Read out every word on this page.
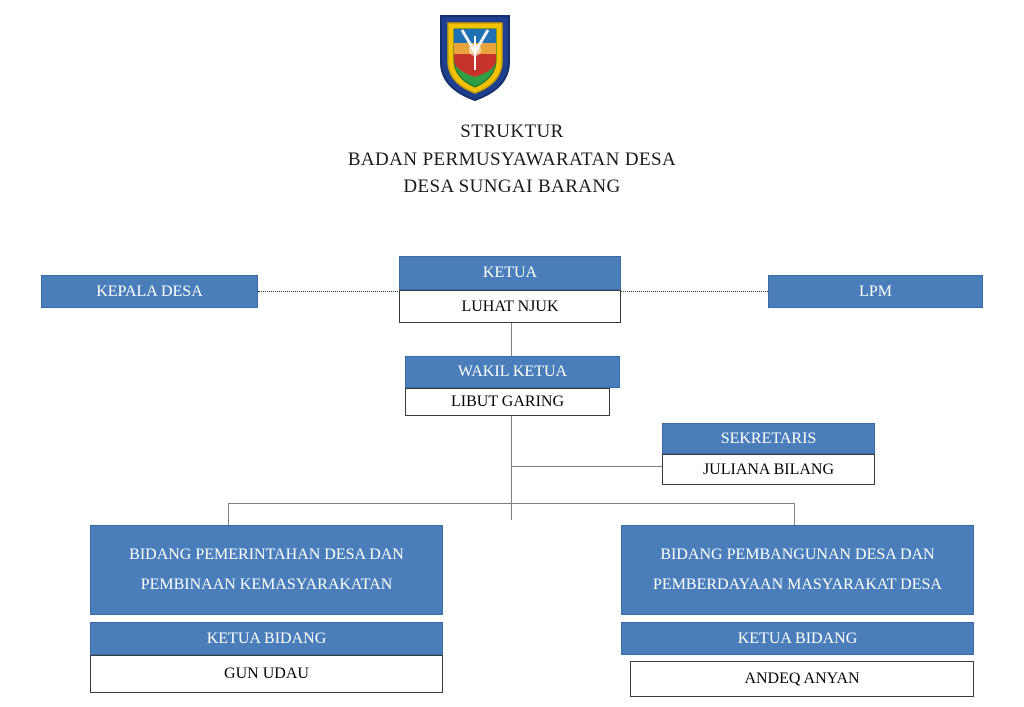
STRUKTUR
BADAN PERMUSYAWARATAN DESA
DESA SUNGAI BARANG
KEPALA DESA	LPM
KETUA
LUHAT NJUK
WAKIL KETUA
LIBUT GARING
SEKRETARIS
JULIANA BILANG
BIDANG PEMERINTAHAN DESA DAN
PEMBINAAN KEMASYARAKATAN
KETUA BIDANG
GUN UDAU
BIDANG PEMBANGUNAN DESA DAN
PEMBERDAYAAN MASYARAKAT DESA
KETUA BIDANG
ANDEQ ANYAN
